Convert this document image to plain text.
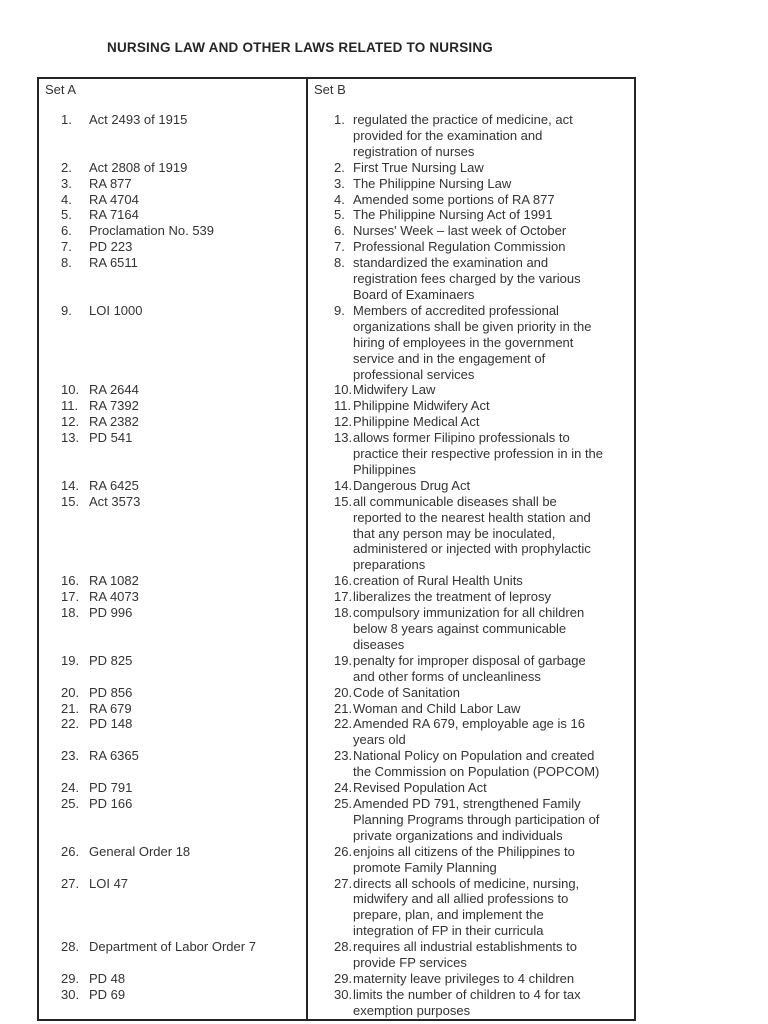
NURSING LAW AND OTHER LAWS RELATED TO NURSING
Set A	Set B

1. Act 2493 of 1915	1. regulated the practice of medicine, act provided for the examination and registration of nurses

2. Act 2808 of 1919	2. First True Nursing Law

3. RA 877	3. The Philippine Nursing Law

4. RA 4704	4. Amended some portions of RA 877

5. RA 7164	5. The Philippine Nursing Act of 1991

6. Proclamation No. 539	6. Nurses' Week – last week of October

7. PD 223	7. Professional Regulation Commission

8. RA 6511	8. standardized the examination and registration fees charged by the various Board of Examinaers

9. LOI 1000	9. Members of accredited professional organizations shall be given priority in the hiring of employees in the government service and in the engagement of professional services

10. RA 2644	10.Midwifery Law

11. RA 7392	11. Philippine Midwifery Act

12. RA 2382	12.Philippine Medical Act

13. PD 541	13.allows former Filipino professionals to practice their respective profession in in the Philippines

14. RA 6425	14.Dangerous Drug Act

15. Act 3573	15.all communicable diseases shall be reported to the nearest health station and that any person may be inoculated, administered or injected with prophylactic preparations

16. RA 1082	16.creation of Rural Health Units

17. RA 4073	17.liberalizes the treatment of leprosy

18. PD 996	18.compulsory immunization for all children below 8 years against communicable diseases

19. PD 825	19.penalty for improper disposal of garbage and other forms of uncleanliness

20. PD 856	20.Code of Sanitation

21. RA 679	21.Woman and Child Labor Law

22. PD 148	22.Amended RA 679, employable age is 16 years old

23. RA 6365	23.National Policy on Population and created the Commission on Population (POPCOM)

24. PD 791	24.Revised Population Act

25. PD 166	25.Amended PD 791, strengthened Family Planning Programs through participation of private organizations and individuals

26. General Order 18	26.enjoins all citizens of the Philippines to promote Family Planning

27. LOI 47	27.directs all schools of medicine, nursing, midwifery and all allied professions to prepare, plan, and implement the integration of FP in their curricula

28. Department of Labor Order 7	28.requires all industrial establishments to provide FP services

29. PD 48	29.maternity leave privileges to 4 children

30. PD 69	30.limits the number of children to 4 for tax exemption purposes
